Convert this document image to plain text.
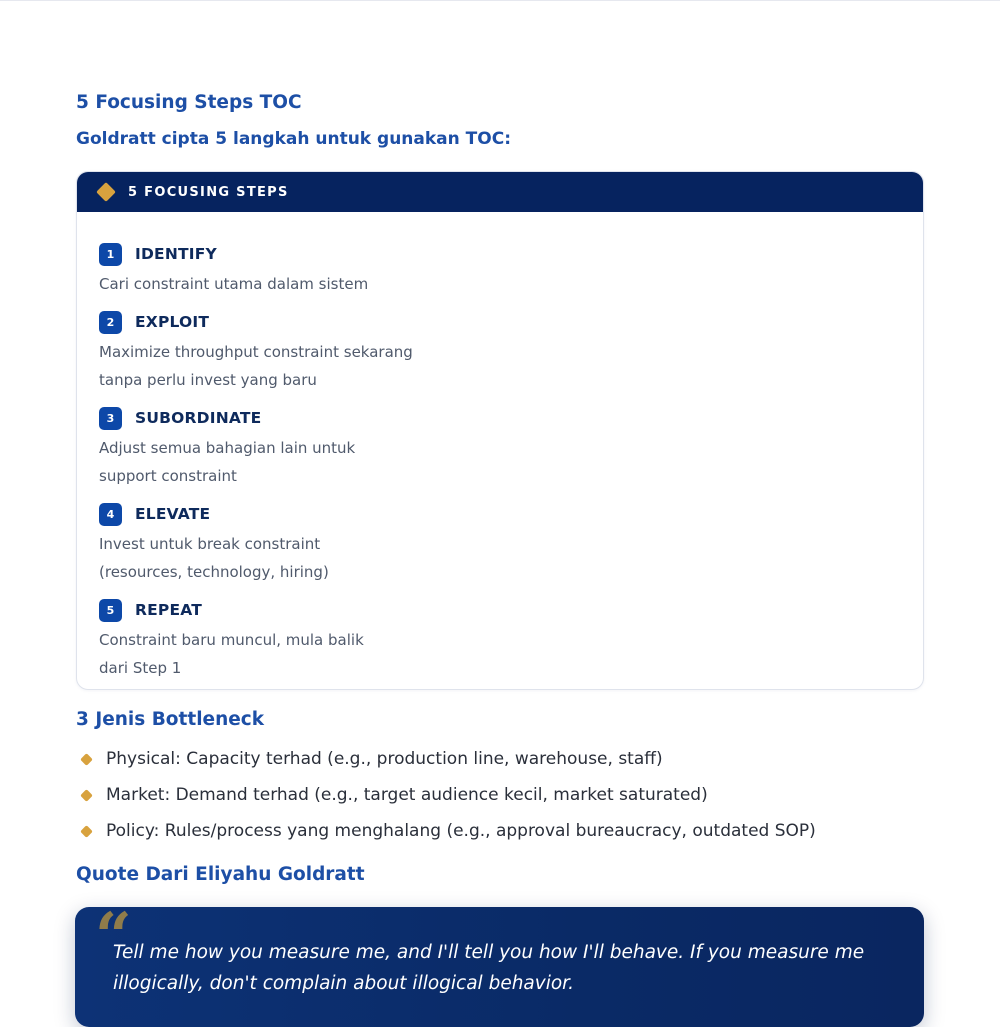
5 Focusing Steps TOC
Goldratt cipta 5 langkah untuk gunakan TOC:
5 FOCUSING STEPS
1	IDENTIFY
Cari constraint utama dalam sistem
2	EXPLOIT
Maximize throughput constraint sekarang
tanpa perlu invest yang baru
3	SUBORDINATE
Adjust semua bahagian lain untuk
support constraint
4	ELEVATE
Invest untuk break constraint
(resources, technology, hiring)
5	REPEAT
Constraint baru muncul, mula balik
dari Step 1
3 Jenis Bottleneck
Physical: Capacity terhad (e.g., production line, warehouse, staff)
Market: Demand terhad (e.g., target audience kecil, market saturated)
Policy: Rules/process yang menghalang (e.g., approval bureaucracy, outdated SOP)
Quote Dari Eliyahu Goldratt
“
Tell me how you measure me, and I'll tell you how I'll behave. If you measure me
illogically, don't complain about illogical behavior.
